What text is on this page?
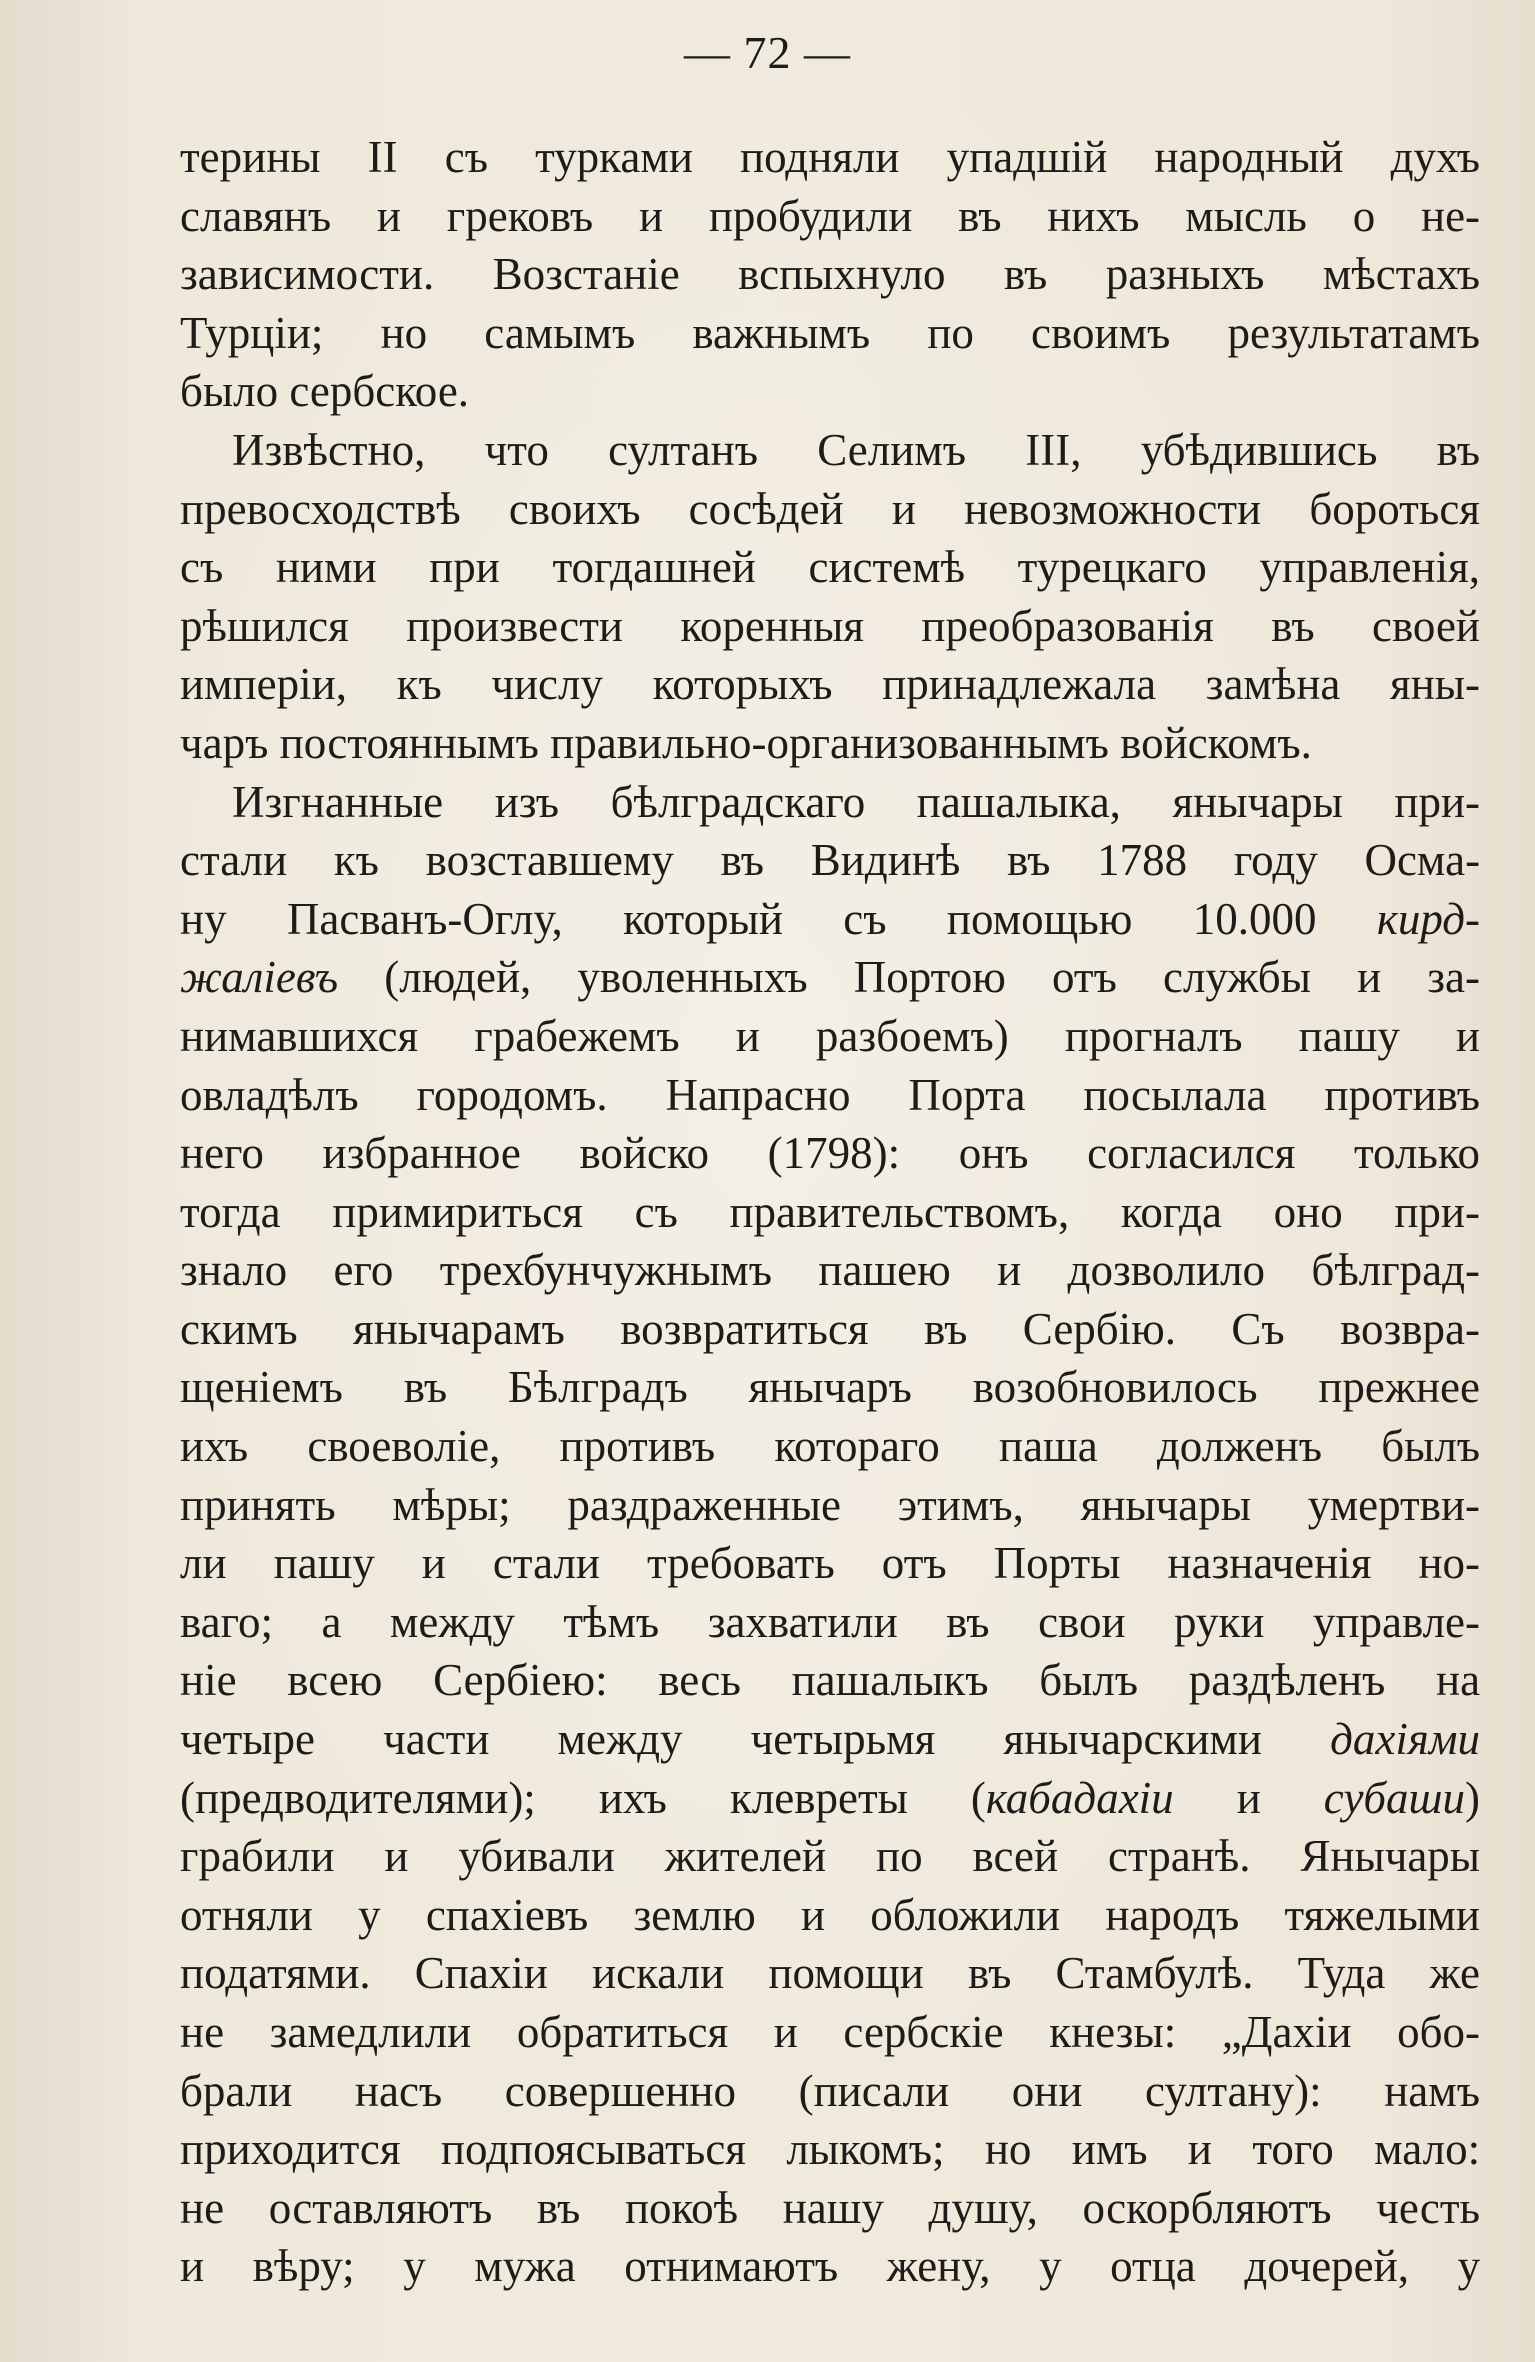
— 72 —
терины II съ турками подняли упадшій народный духъ
славянъ и грековъ и пробудили въ нихъ мысль о не-
зависимости. Возстаніе вспыхнуло въ разныхъ мѣстахъ
Турціи; но самымъ важнымъ по своимъ результатамъ
было сербское.
Извѣстно, что султанъ Селимъ III, убѣдившись въ
превосходствѣ своихъ сосѣдей и невозможности бороться
съ ними при тогдашней системѣ турецкаго управленія,
рѣшился произвести коренныя преобразованія въ своей
имперіи, къ числу которыхъ принадлежала замѣна яны-
чаръ постояннымъ правильно-организованнымъ войскомъ.
Изгнанные изъ бѣлградскаго пашалыка, янычары при-
стали къ возставшему въ Видинѣ въ 1788 году Осма-
ну Пасванъ-Оглу, который съ помощью 10.000 кирд-
жаліевъ (людей, уволенныхъ Портою отъ службы и за-
нимавшихся грабежемъ и разбоемъ) прогналъ пашу и
овладѣлъ городомъ. Напрасно Порта посылала противъ
него избранное войско (1798): онъ согласился только
тогда примириться съ правительствомъ, когда оно при-
знало его трехбунчужнымъ пашею и дозволило бѣлград-
скимъ янычарамъ возвратиться въ Сербію. Съ возвра-
щеніемъ въ Бѣлградъ янычаръ возобновилось прежнее
ихъ своеволіе, противъ котораго паша долженъ былъ
принять мѣры; раздраженные этимъ, янычары умертви-
ли пашу и стали требовать отъ Порты назначенія но-
ваго; а между тѣмъ захватили въ свои руки управле-
ніе всею Сербіею: весь пашалыкъ былъ раздѣленъ на
четыре части между четырьмя янычарскими дахіями
(предводителями); ихъ клевреты (кабадахіи и субаши)
грабили и убивали жителей по всей странѣ. Янычары
отняли у спахіевъ землю и обложили народъ тяжелыми
податями. Спахіи искали помощи въ Стамбулѣ. Туда же
не замедлили обратиться и сербскіе кнезы: „Дахіи обо-
брали насъ совершенно (писали они султану): намъ
приходится подпоясываться лыкомъ; но имъ и того мало:
не оставляютъ въ покоѣ нашу душу, оскорбляютъ честь
и вѣру; у мужа отнимаютъ жену, у отца дочерей, у
